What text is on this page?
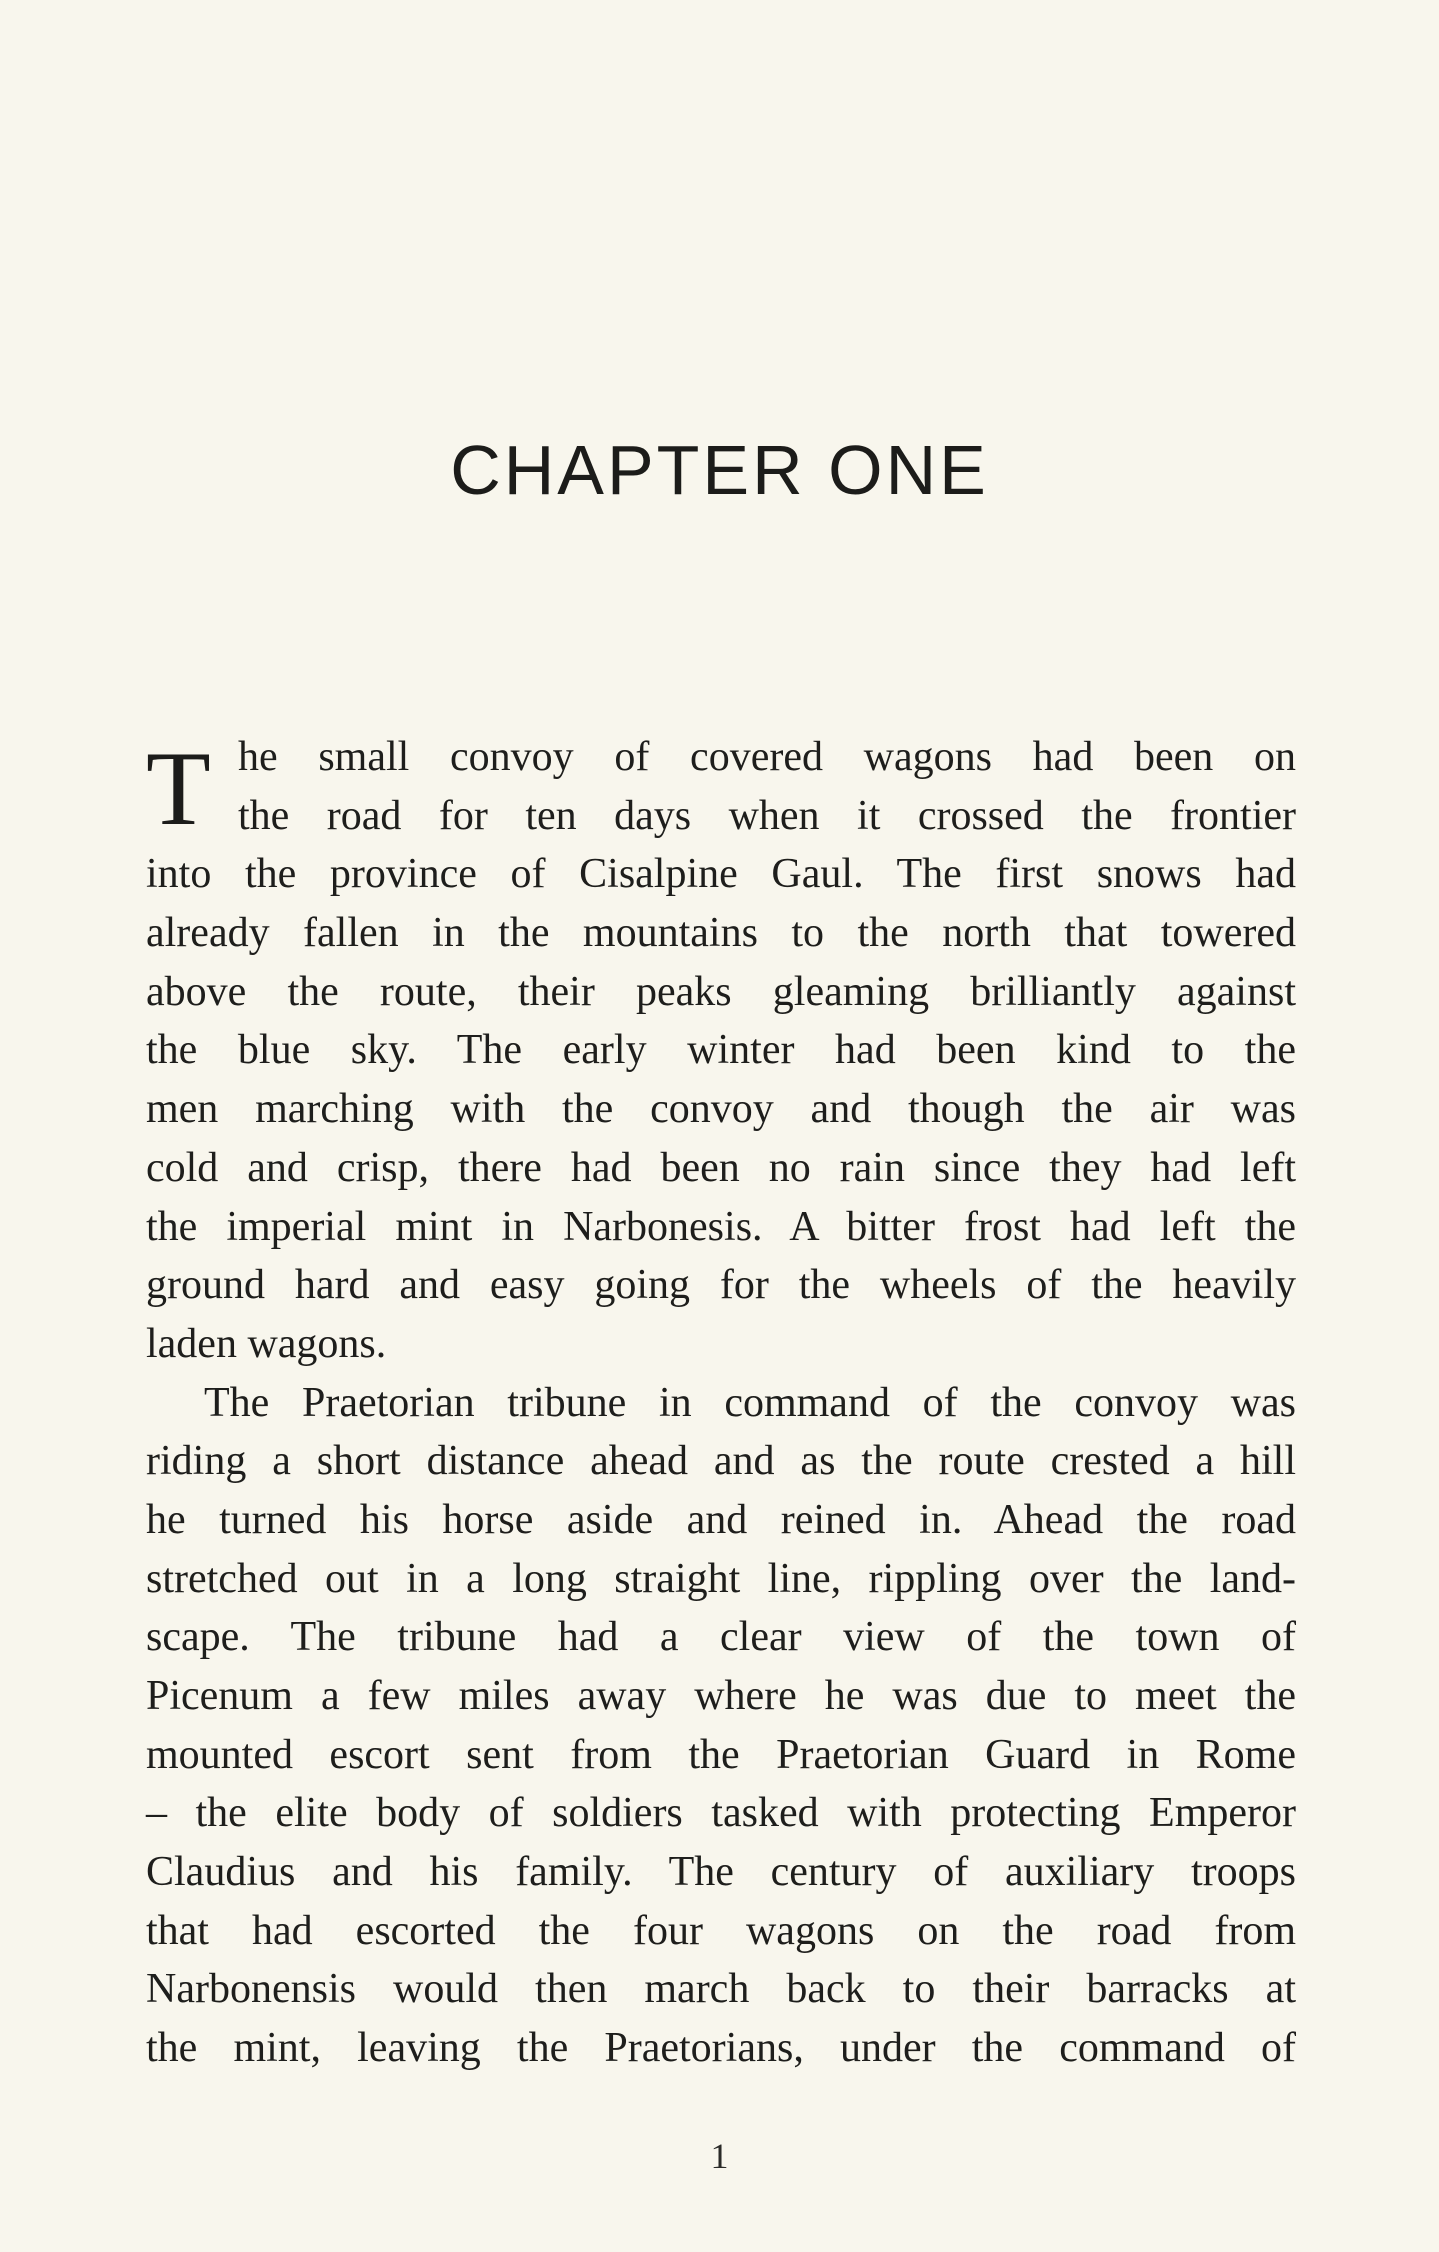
CHAPTER ONE
T he small convoy of covered wagons had been on
the road for ten days when it crossed the frontier
into the province of Cisalpine Gaul. The first snows had
already fallen in the mountains to the north that towered
above the route, their peaks gleaming brilliantly against
the blue sky. The early winter had been kind to the
men marching with the convoy and though the air was
cold and crisp, there had been no rain since they had left
the imperial mint in Narbonesis. A bitter frost had left the
ground hard and easy going for the wheels of the heavily
laden wagons.
The Praetorian tribune in command of the convoy was
riding a short distance ahead and as the route crested a hill
he turned his horse aside and reined in. Ahead the road
stretched out in a long straight line, rippling over the land-
scape. The tribune had a clear view of the town of
Picenum a few miles away where he was due to meet the
mounted escort sent from the Praetorian Guard in Rome
– the elite body of soldiers tasked with protecting Emperor
Claudius and his family. The century of auxiliary troops
that had escorted the four wagons on the road from
Narbonensis would then march back to their barracks at
the mint, leaving the Praetorians, under the command of
1
